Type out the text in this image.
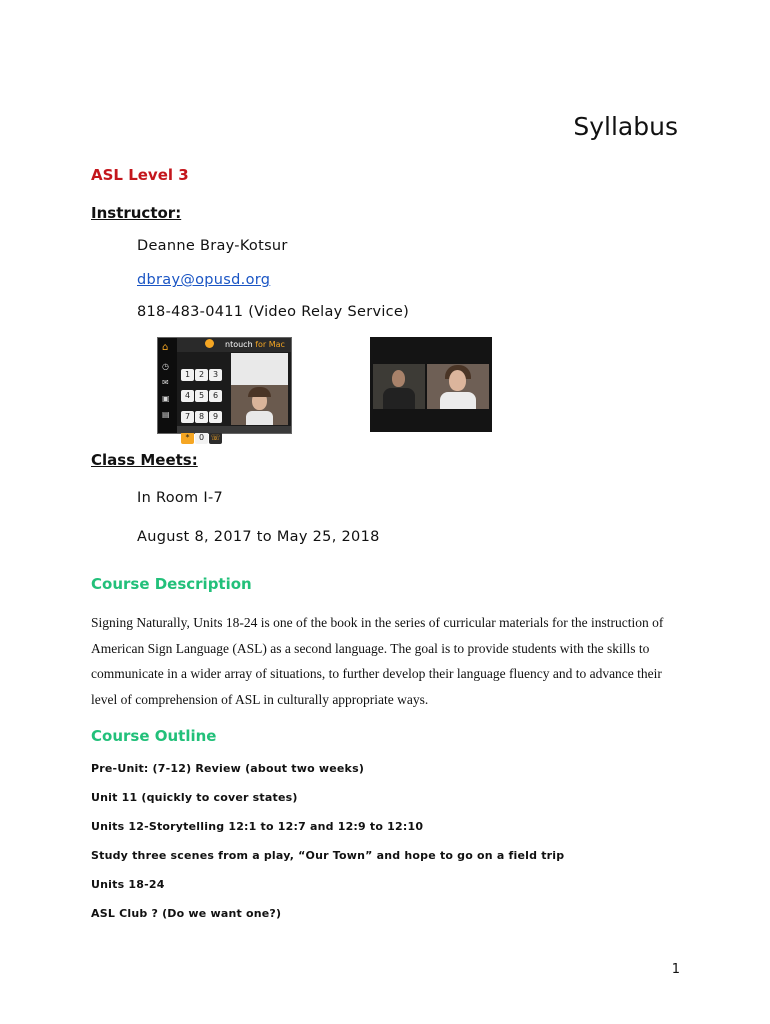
Syllabus
ASL Level 3
Instructor:
Deanne Bray-Kotsur
dbray@opusd.org
818-483-0411 (Video Relay Service)
⌂
◷
✉
▣
▤
ntouch for Mac
1 2 3 4 5 6 7 8 9 * 0 ☏
Class Meets:
In Room I-7
August 8, 2017 to May 25, 2018
Course Description
Signing Naturally, Units 18-24 is one of the book in the series of curricular materials for the instruction of American Sign Language (ASL) as a second language. The goal is to provide students with the skills to communicate in a wider array of situations, to further develop their language fluency and to advance their level of comprehension of ASL in culturally appropriate ways.
Course Outline
Pre-Unit: (7-12) Review (about two weeks)
Unit 11 (quickly to cover states)
Units 12-Storytelling 12:1 to 12:7 and 12:9 to 12:10
Study three scenes from a play, “Our Town” and hope to go on a field trip
Units 18-24
ASL Club ? (Do we want one?)
1
